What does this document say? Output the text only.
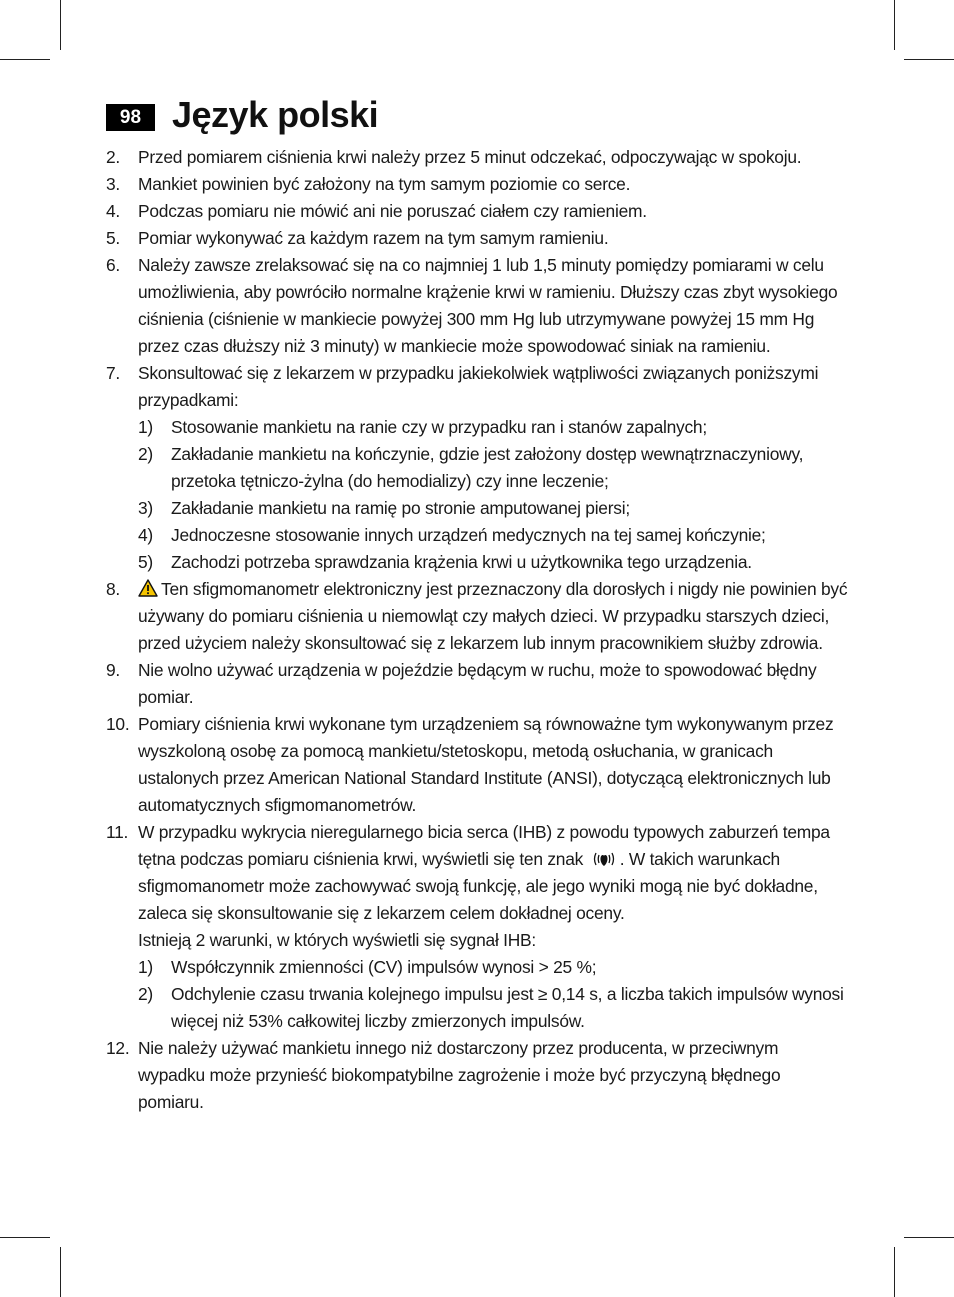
98 Język polski
2. Przed pomiarem ciśnienia krwi należy przez 5 minut odczekać, odpoczywając w spokoju.
3. Mankiet powinien być założony na tym samym poziomie co serce.
4. Podczas pomiaru nie mówić ani nie poruszać ciałem czy ramieniem.
5. Pomiar wykonywać za każdym razem na tym samym ramieniu.
6. Należy zawsze zrelaksować się na co najmniej 1 lub 1,5 minuty pomiędzy pomiarami w celu umożliwienia, aby powróciło normalne krążenie krwi w ramieniu. Dłuższy czas zbyt wysokiego ciśnienia (ciśnienie w mankiecie powyżej 300 mm Hg lub utrzymywane powyżej 15 mm Hg przez czas dłuższy niż 3 minuty) w mankiecie może spowodować siniak na ramieniu.
7. Skonsultować się z lekarzem w przypadku jakiekolwiek wątpliwości związanych poniższymi przypadkami:
1) Stosowanie mankietu na ranie czy w przypadku ran i stanów zapalnych;
2) Zakładanie mankietu na kończynie, gdzie jest założony dostęp wewnątrznaczyniowy, przetoka tętniczo-żylna (do hemodializy) czy inne leczenie;
3) Zakładanie mankietu na ramię po stronie amputowanej piersi;
4) Jednoczesne stosowanie innych urządzeń medycznych na tej samej kończynie;
5) Zachodzi potrzeba sprawdzania krążenia krwi u użytkownika tego urządzenia.
8. Ten sfigmomanometr elektroniczny jest przeznaczony dla dorosłych i nigdy nie powinien być używany do pomiaru ciśnienia u niemowląt czy małych dzieci. W przypadku starszych dzieci, przed użyciem należy skonsultować się z lekarzem lub innym pracownikiem służby zdrowia.
9. Nie wolno używać urządzenia w pojeździe będącym w ruchu, może to spowodować błędny pomiar.
10. Pomiary ciśnienia krwi wykonane tym urządzeniem są równoważne tym wykonywanym przez wyszkoloną osobę za pomocą mankietu/stetoskopu, metodą osłuchania, w granicach ustalonych przez American National Standard Institute (ANSI), dotyczącą elektronicznych lub automatycznych sfigmomanometrów.
11. W przypadku wykrycia nieregularnego bicia serca (IHB) z powodu typowych zaburzeń tempa tętna podczas pomiaru ciśnienia krwi, wyświetli się ten znak . W takich warunkach sfigmomanometr może zachowywać swoją funkcję, ale jego wyniki mogą nie być dokładne, zaleca się skonsultowanie się z lekarzem celem dokładnej oceny.
Istnieją 2 warunki, w których wyświetli się sygnał IHB:
1) Współczynnik zmienności (CV) impulsów wynosi > 25 %;
2) Odchylenie czasu trwania kolejnego impulsu jest ≥ 0,14 s, a liczba takich impulsów wynosi więcej niż 53% całkowitej liczby zmierzonych impulsów.
12. Nie należy używać mankietu innego niż dostarczony przez producenta, w przeciwnym wypadku może przynieść biokompatybilne zagrożenie i może być przyczyną błędnego pomiaru.
